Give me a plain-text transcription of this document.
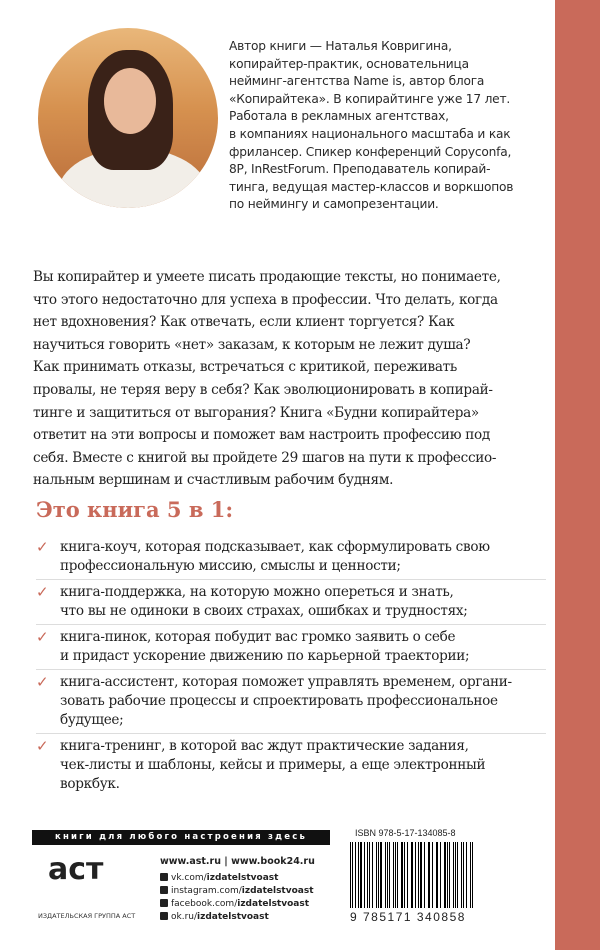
Автор книги — Наталья Ковригина,
копирайтер-практик, основательница
нейминг-агентства Name is, автор блога
«Копирайтека». В копирайтинге уже 17 лет.
Работала в рекламных агентствах,
в компаниях национального масштаба и как
фрилансер. Спикер конференций Copyconfa,
8P, InRestForum. Преподаватель копирай-
тинга, ведущая мастер-классов и воркшопов
по неймингу и самопрезентации.
Вы копирайтер и умеете писать продающие тексты, но понимаете,
что этого недостаточно для успеха в профессии. Что делать, когда
нет вдохновения? Как отвечать, если клиент торгуется? Как
научиться говорить «нет» заказам, к которым не лежит душа?
Как принимать отказы, встречаться с критикой, переживать
провалы, не теряя веру в себя? Как эволюционировать в копирай-
тинге и защититься от выгорания? Книга «Будни копирайтера»
ответит на эти вопросы и поможет вам настроить профессию под
себя. Вместе с книгой вы пройдете 29 шагов на пути к профессио-
нальным вершинам и счастливым рабочим будням.
Это книга 5 в 1:
✓ книга-коуч, которая подсказывает, как сформулировать свою
профессиональную миссию, смыслы и ценности;
✓ книга-поддержка, на которую можно опереться и знать,
что вы не одиноки в своих страхах, ошибках и трудностях;
✓ книга-пинок, которая побудит вас громко заявить о себе
и придаст ускорение движению по карьерной траектории;
✓ книга-ассистент, которая поможет управлять временем, органи-
зовать рабочие процессы и спроектировать профессиональное
будущее;
✓ книга-тренинг, в которой вас ждут практические задания,
чек-листы и шаблоны, кейсы и примеры, а еще электронный
воркбук.
книги для любого настроения здесь
аст
ИЗДАТЕЛЬСКАЯ ГРУППА АСТ
www.ast.ru | www.book24.ru
vk.com/izdatelstvoast
instagram.com/izdatelstvoast
facebook.com/izdatelstvoast
ok.ru/izdatelstvoast
ISBN 978-5-17-134085-8
9 785171 340858
